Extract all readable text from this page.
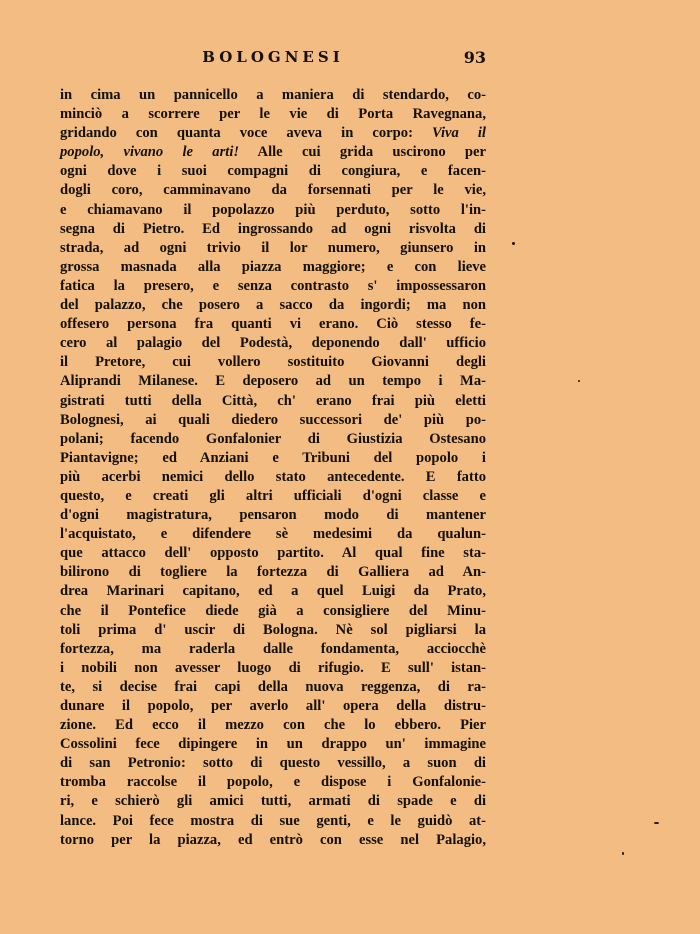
BOLOGNESI	93
in cima un pannicello a maniera di stendardo, co-
minciò a scorrere per le vie di Porta Ravegnana,
gridando con quanta voce aveva in corpo: Viva il
popolo, vivano le arti! Alle cui grida uscirono per
ogni dove i suoi compagni di congiura, e facen-
dogli coro, camminavano da forsennati per le vie,
e chiamavano il popolazzo più perduto, sotto l'in-
segna di Pietro. Ed ingrossando ad ogni risvolta di
strada, ad ogni trivio il lor numero, giunsero in
grossa masnada alla piazza maggiore; e con lieve
fatica la presero, e senza contrasto s' impossessaron
del palazzo, che posero a sacco da ingordi; ma non
offesero persona fra quanti vi erano. Ciò stesso fe-
cero al palagio del Podestà, deponendo dall' ufficio
il Pretore, cui vollero sostituito Giovanni degli
Aliprandi Milanese. E deposero ad un tempo i Ma-
gistrati tutti della Città, ch' erano frai più eletti
Bolognesi, ai quali diedero successori de' più po-
polani; facendo Gonfalonier di Giustizia Ostesano
Piantavigne; ed Anziani e Tribuni del popolo i
più acerbi nemici dello stato antecedente. E fatto
questo, e creati gli altri ufficiali d'ogni classe e
d'ogni magistratura, pensaron modo di mantener
l'acquistato, e difendere sè medesimi da qualun-
que attacco dell' opposto partito. Al qual fine sta-
bilirono di togliere la fortezza di Galliera ad An-
drea Marinari capitano, ed a quel Luigi da Prato,
che il Pontefice diede già a consigliere del Minu-
toli prima d' uscir di Bologna. Nè sol pigliarsi la
fortezza, ma raderla dalle fondamenta, acciocchè
i nobili non avesser luogo di rifugio. E sull' istan-
te, si decise frai capi della nuova reggenza, di ra-
dunare il popolo, per averlo all' opera della distru-
zione. Ed ecco il mezzo con che lo ebbero. Pier
Cossolini fece dipingere in un drappo un' immagine
di san Petronio: sotto di questo vessillo, a suon di
tromba raccolse il popolo, e dispose i Gonfalonie-
ri, e schierò gli amici tutti, armati di spade e di
lance. Poi fece mostra di sue genti, e le guidò at-
torno per la piazza, ed entrò con esse nel Palagio,
